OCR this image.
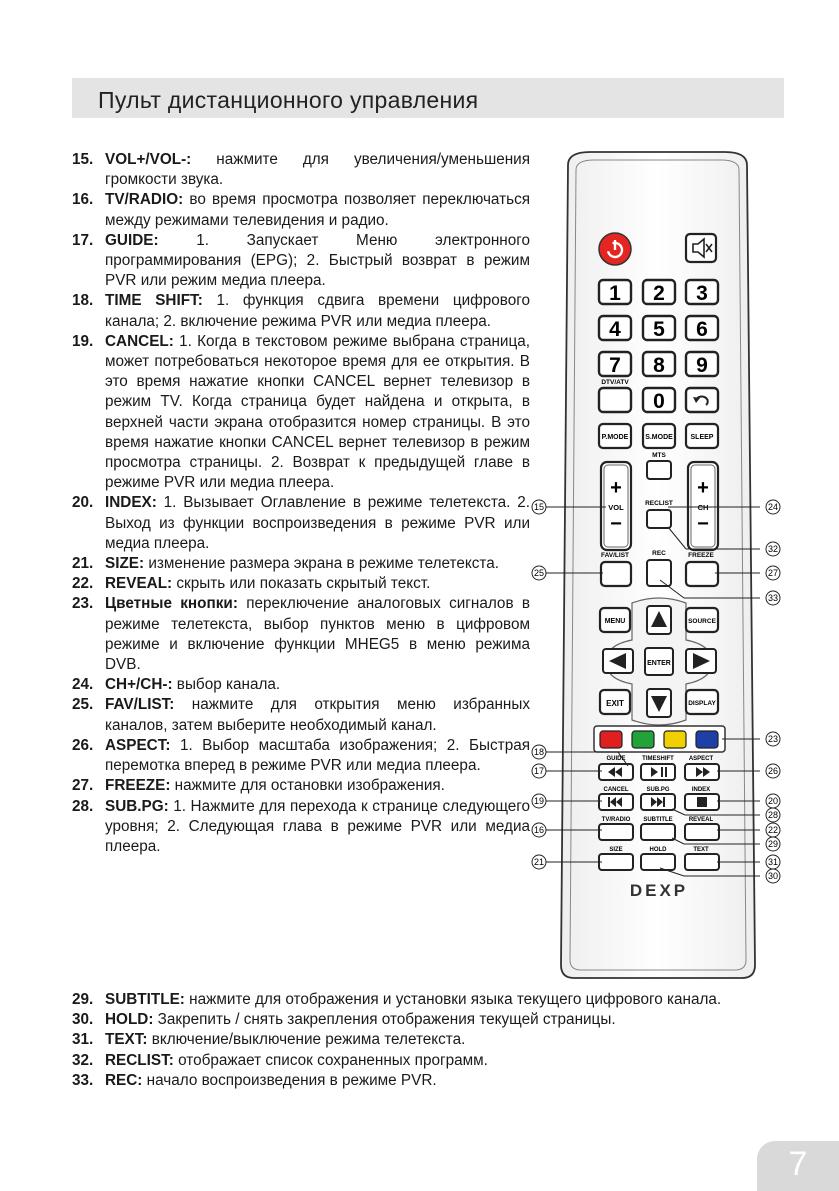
Пульт дистанционного управления

15. VOL+/VOL-: нажмите для увеличения/уменьшения громкости звука.

16. TV/RADIO: во время просмотра позволяет переключаться между режимами телевидения и радио.

17. GUIDE: 1. Запускает Меню электронного программирования (EPG); 2. Быстрый возврат в режим PVR или режим медиа плеера.

18. TIME SHIFT: 1. функция сдвига времени цифрового канала; 2. включение режима PVR или медиа плеера.

19. CANCEL: 1. Когда в текстовом режиме выбрана страница, может потребоваться некоторое время для ее открытия. В это время нажатие кнопки CANCEL вернет телевизор в режим TV. Когда страница будет найдена и открыта, в верхней части экрана отобразится номер страницы. В это время нажатие кнопки CANCEL вернет телевизор в режим просмотра страницы. 2. Возврат к предыдущей главе в режиме PVR или медиа плеера.

20. INDEX: 1. Вызывает Оглавление в режиме телетекста. 2. Выход из функции воспроизведения в режиме PVR или медиа плеера.

21. SIZE: изменение размера экрана в режиме телетекста.

22. REVEAL: скрыть или показать скрытый текст.

23. Цветные кнопки: переключение аналоговых сигналов в режиме телетекста, выбор пунктов меню в цифровом режиме и включение функции MHEG5 в меню режима DVB.

24. CH+/CH-: выбор канала.

25. FAV/LIST: нажмите для открытия меню избранных каналов, затем выберите необходимый канал.

26. ASPECT: 1. Выбор масштаба изображения; 2. Быстрая перемотка вперед в режиме PVR или медиа плеера.

27. FREEZE: нажмите для остановки изображения.

28. SUB.PG: 1. Нажмите для перехода к странице следующего уровня; 2. Следующая глава в режиме PVR или медиа плеера.

29. SUBTITLE: нажмите для отображения и установки языка текущего цифрового канала.

30. HOLD: Закрепить / снять закрепления отображения текущей страницы.

31. TEXT: включение/выключение режима телетекста.

32. RECLIST: отображает список сохраненных программ.

33. REC: начало воспроизведения в режиме PVR.

1 2 3
4 5 6
7 8 9
DTV/ATV
0
P.MODE S.MODE	SLEEP
MTS
+
VOL
−
+
CH
−
RECLIST
FAV/LIST	REC	FREEZE
MENU	SOURCE
ENTER
EXIT	DISPLAY
GUIDE	TIMESHIFT ASPECT
CANCEL	SUB.PG	INDEX
TV/RADIO SUBTITLE	REVEAL
SIZE	HOLD	TEXT
DEXP
15
25
18
17
19
16
21
24
32
27
33
23
26
20
28
22
29
31
30
7
